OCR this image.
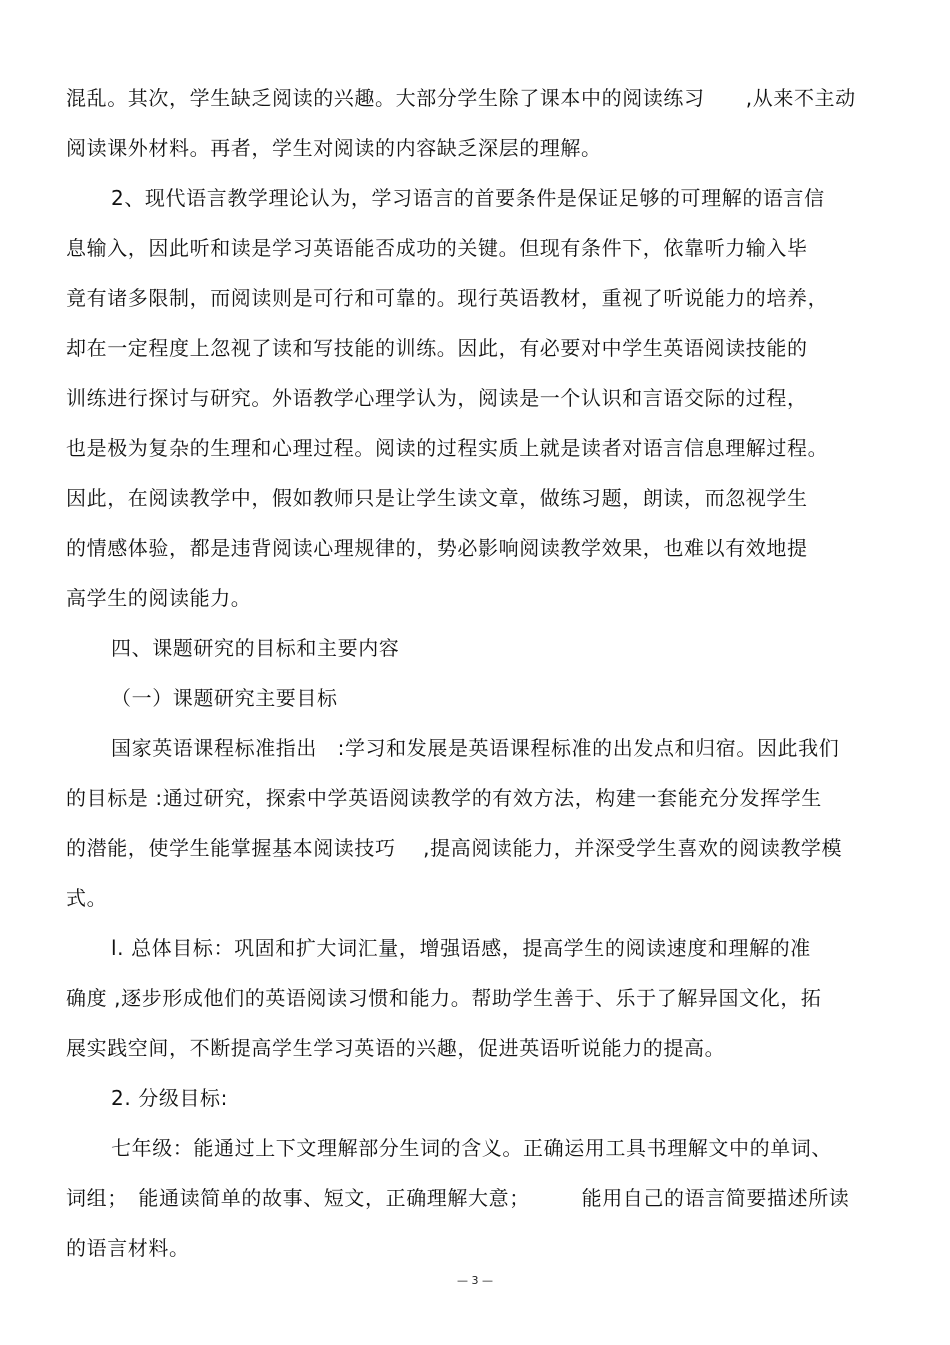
混乱。其次，学生缺乏阅读的兴趣。大部分学生除了课本中的阅读练习　　,从来不主动
阅读课外材料。再者，学生对阅读的内容缺乏深层的理解。
2、现代语言教学理论认为，学习语言的首要条件是保证足够的可理解的语言信
息输入，因此听和读是学习英语能否成功的关键。但现有条件下，依靠听力输入毕
竟有诸多限制，而阅读则是可行和可靠的。现行英语教材，重视了听说能力的培养，
却在一定程度上忽视了读和写技能的训练。因此，有必要对中学生英语阅读技能的
训练进行探讨与研究。外语教学心理学认为，阅读是一个认识和言语交际的过程，
也是极为复杂的生理和心理过程。阅读的过程实质上就是读者对语言信息理解过程。
因此，在阅读教学中，假如教师只是让学生读文章，做练习题，朗读，而忽视学生
的情感体验，都是违背阅读心理规律的，势必影响阅读教学效果，也难以有效地提
高学生的阅读能力。
四、课题研究的目标和主要内容
（一）课题研究主要目标
国家英语课程标准指出　:学习和发展是英语课程标准的出发点和归宿。因此我们
的目标是 :通过研究，探索中学英语阅读教学的有效方法，构建一套能充分发挥学生
的潜能，使学生能掌握基本阅读技巧　 ,提高阅读能力，并深受学生喜欢的阅读教学模
式。
l. 总体目标：巩固和扩大词汇量，增强语感，提高学生的阅读速度和理解的准
确度 ,逐步形成他们的英语阅读习惯和能力。帮助学生善于、乐于了解异国文化，拓
展实践空间，不断提高学生学习英语的兴趣，促进英语听说能力的提高。
2. 分级目标:
七年级：能通过上下文理解部分生词的含义。正确运用工具书理解文中的单词、
词组；　能通读简单的故事、短文，正确理解大意；　　　能用自己的语言简要描述所读
的语言材料。
— 3 —
